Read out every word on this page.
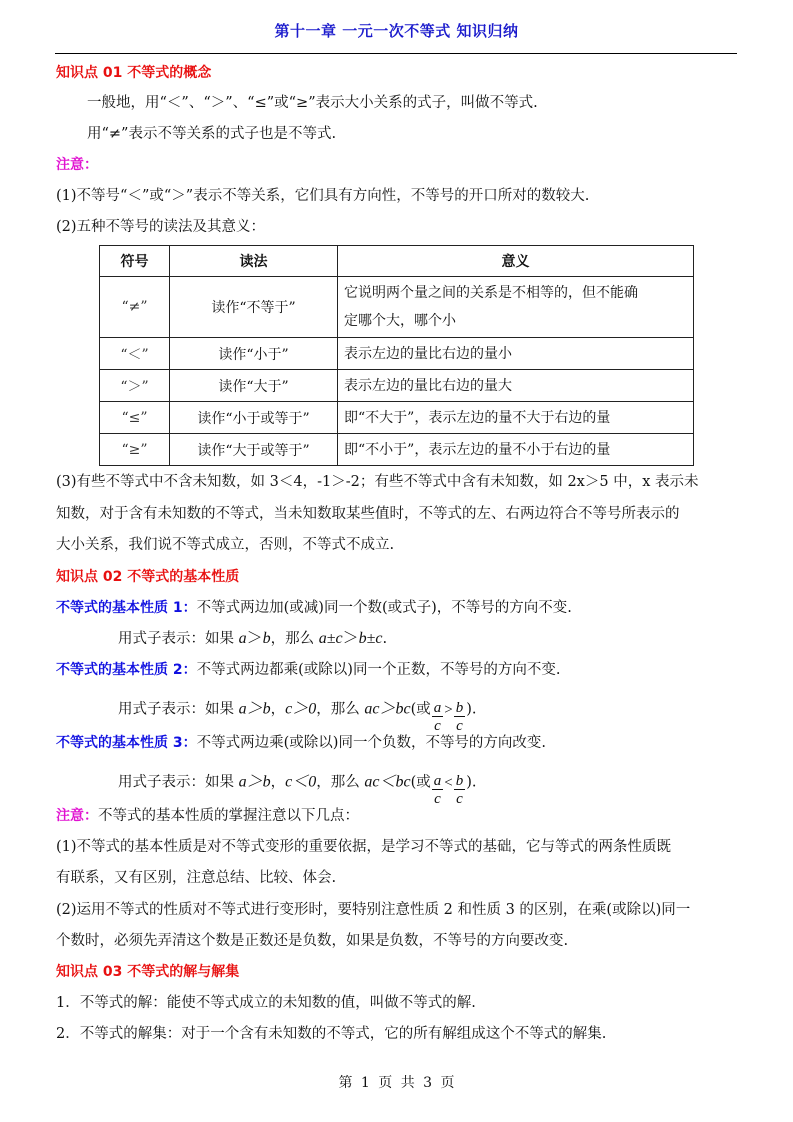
第十一章 一元一次不等式 知识归纳
知识点 01 不等式的概念
一般地，用“＜”、“＞”、“≤”或“≥”表示大小关系的式子，叫做不等式.
用“≠”表示不等关系的式子也是不等式.
注意：
(1)不等号“＜”或“＞”表示不等关系，它们具有方向性，不等号的开口所对的数较大.
(2)五种不等号的读法及其意义：
符号	读法	意义
“≠”	读作“不等于”	它说明两个量之间的关系是不相等的，但不能确
定哪个大，哪个小

“＜”	读作“小于”	表示左边的量比右边的量小
“＞”	读作“大于”	表示左边的量比右边的量大
“≤”	读作“小于或等于”	即“不大于”，表示左边的量不大于右边的量
“≥”	读作“大于或等于”	即“不小于”，表示左边的量不小于右边的量
(3)有些不等式中不含未知数，如 3＜4，-1＞-2；有些不等式中含有未知数，如 2x＞5 中，x 表示未
知数，对于含有未知数的不等式，当未知数取某些值时，不等式的左、右两边符合不等号所表示的
大小关系，我们说不等式成立，否则，不等式不成立.
知识点 02 不等式的基本性质
不等式的基本性质 1：不等式两边加(或减)同一个数(或式子)，不等号的方向不变.
用式子表示：如果 a＞b，那么 a±c＞b±c.
不等式的基本性质 2：不等式两边都乘(或除以)同一个正数，不等号的方向不变.
用式子表示：如果 a＞b，c＞0，那么 ac＞bc(或 $\frac{a}{c} > \frac{b}{c}$ ).
不等式的基本性质 3：不等式两边乘(或除以)同一个负数，不等号的方向改变.
用式子表示：如果 a＞b，c＜0，那么 ac＜bc(或 $\frac{a}{c} < \frac{b}{c}$ ).
注意：不等式的基本性质的掌握注意以下几点：
(1)不等式的基本性质是对不等式变形的重要依据，是学习不等式的基础，它与等式的两条性质既
有联系，又有区别，注意总结、比较、体会.
(2)运用不等式的性质对不等式进行变形时，要特别注意性质 2 和性质 3 的区别，在乘(或除以)同一
个数时，必须先弄清这个数是正数还是负数，如果是负数，不等号的方向要改变.
知识点 03 不等式的解与解集
1．不等式的解：能使不等式成立的未知数的值，叫做不等式的解.
2．不等式的解集：对于一个含有未知数的不等式，它的所有解组成这个不等式的解集.
第 1 页 共 3 页
